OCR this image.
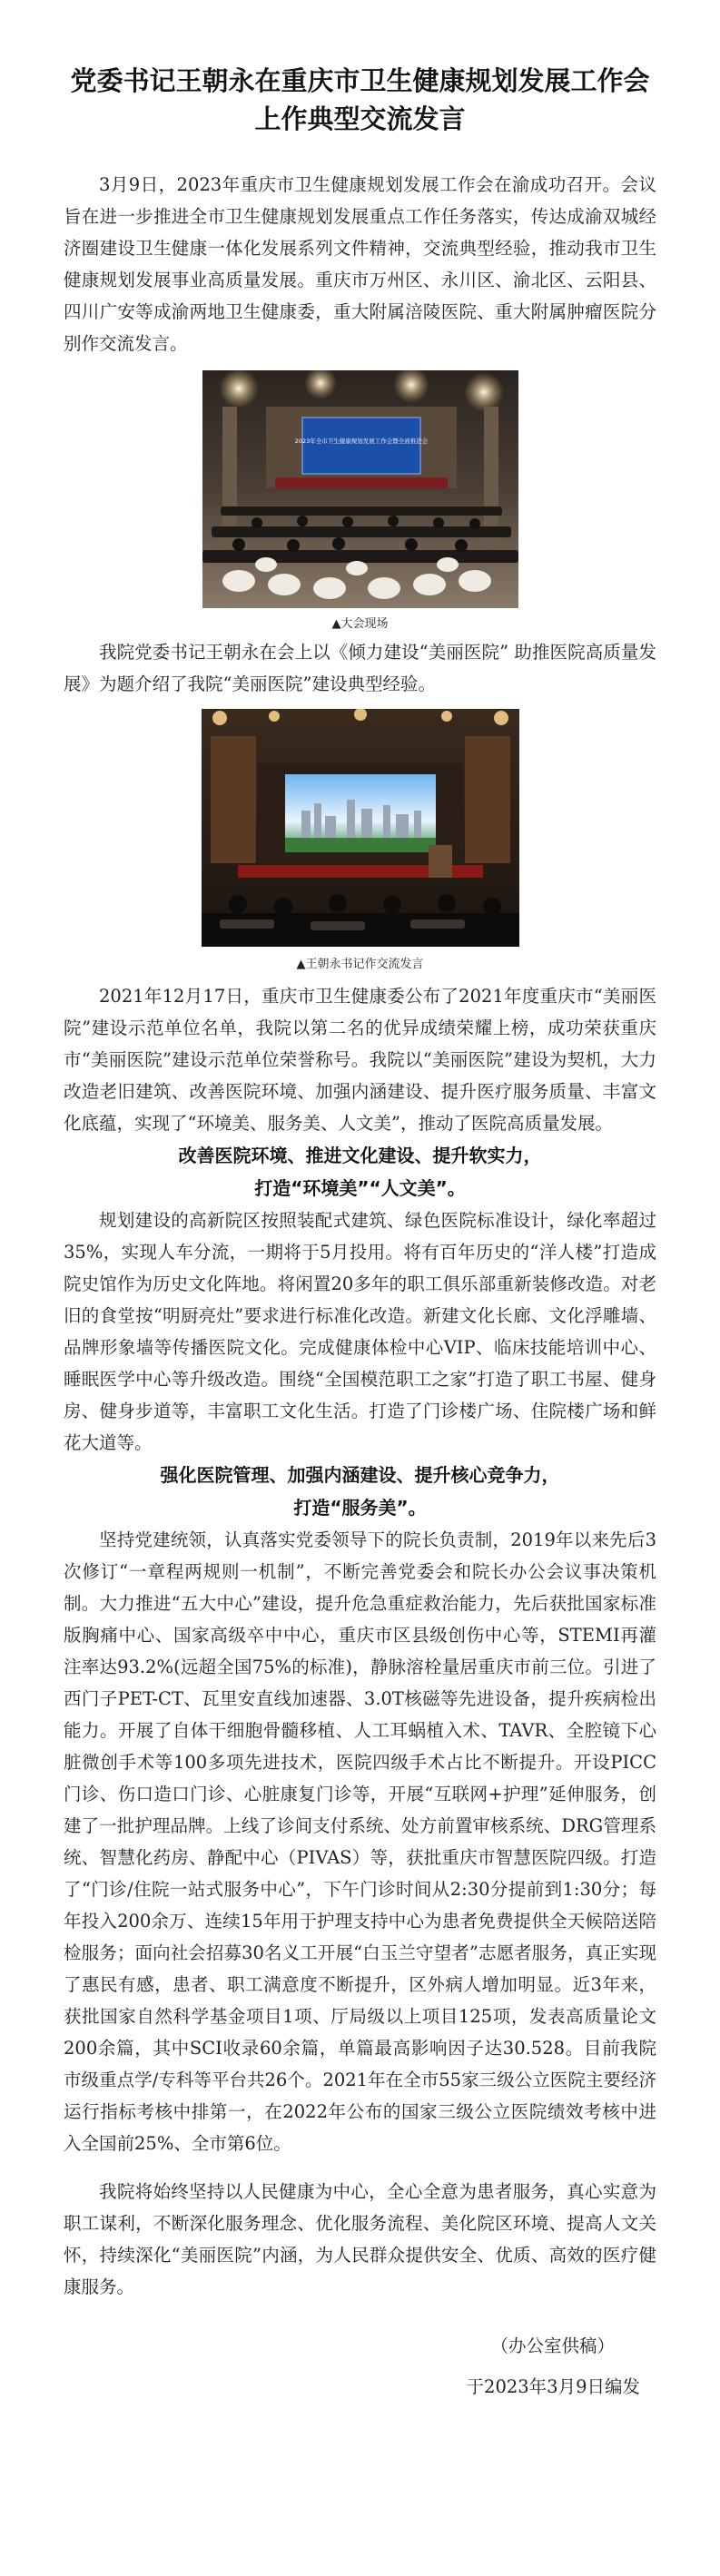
党委书记王朝永在重庆市卫生健康规划发展工作会
上作典型交流发言

3月9日，2023年重庆市卫生健康规划发展工作会在渝成功召开。会议旨在进一步推进全市卫生健康规划发展重点工作任务落实，传达成渝双城经济圈建设卫生健康一体化发展系列文件精神，交流典型经验，推动我市卫生健康规划发展事业高质量发展。重庆市万州区、永川区、渝北区、云阳县、四川广安等成渝两地卫生健康委，重大附属涪陵医院、重大附属肿瘤医院分别作交流发言。

2023年全市卫生健康规划发展工作会暨全面推进会

▲大会现场

我院党委书记王朝永在会上以《倾力建设“美丽医院” 助推医院高质量发展》为题介绍了我院“美丽医院”建设典型经验。

▲王朝永书记作交流发言

2021年12月17日，重庆市卫生健康委公布了2021年度重庆市“美丽医院”建设示范单位名单，我院以第二名的优异成绩荣耀上榜，成功荣获重庆市“美丽医院”建设示范单位荣誉称号。我院以“美丽医院”建设为契机，大力改造老旧建筑、改善医院环境、加强内涵建设、提升医疗服务质量、丰富文化底蕴，实现了“环境美、服务美、人文美”，推动了医院高质量发展。

改善医院环境、推进文化建设、提升软实力，
打造“环境美”“人文美”。

规划建设的高新院区按照装配式建筑、绿色医院标准设计，绿化率超过35%，实现人车分流，一期将于5月投用。将有百年历史的“洋人楼”打造成院史馆作为历史文化阵地。将闲置20多年的职工俱乐部重新装修改造。对老旧的食堂按“明厨亮灶”要求进行标准化改造。新建文化长廊、文化浮雕墙、品牌形象墙等传播医院文化。完成健康体检中心VIP、临床技能培训中心、睡眠医学中心等升级改造。围绕“全国模范职工之家”打造了职工书屋、健身房、健身步道等，丰富职工文化生活。打造了门诊楼广场、住院楼广场和鲜花大道等。

强化医院管理、加强内涵建设、提升核心竞争力，
打造“服务美”。

坚持党建统领，认真落实党委领导下的院长负责制，2019年以来先后3次修订“一章程两规则一机制”，不断完善党委会和院长办公会议事决策机制。大力推进“五大中心”建设，提升危急重症救治能力，先后获批国家标准版胸痛中心、国家高级卒中中心，重庆市区县级创伤中心等，STEMI再灌注率达93.2%(远超全国75%的标准)，静脉溶栓量居重庆市前三位。引进了西门子PET-CT、瓦里安直线加速器、3.0T核磁等先进设备，提升疾病检出能力。开展了自体干细胞骨髓移植、人工耳蜗植入术、TAVR、全腔镜下心脏微创手术等100多项先进技术，医院四级手术占比不断提升。开设PICC门诊、伤口造口门诊、心脏康复门诊等，开展“互联网+护理”延伸服务，创建了一批护理品牌。上线了诊间支付系统、处方前置审核系统、DRG管理系统、智慧化药房、静配中心（PIVAS）等，获批重庆市智慧医院四级。打造了“门诊/住院一站式服务中心”，下午门诊时间从2:30分提前到1:30分；每年投入200余万、连续15年用于护理支持中心为患者免费提供全天候陪送陪检服务；面向社会招募30名义工开展“白玉兰守望者”志愿者服务，真正实现了惠民有感，患者、职工满意度不断提升，区外病人增加明显。近3年来，获批国家自然科学基金项目1项、厅局级以上项目125项，发表高质量论文200余篇，其中SCI收录60余篇，单篇最高影响因子达30.528。目前我院市级重点学/专科等平台共26个。2021年在全市55家三级公立医院主要经济运行指标考核中排第一，在2022年公布的国家三级公立医院绩效考核中进入全国前25%、全市第6位。

我院将始终坚持以人民健康为中心，全心全意为患者服务，真心实意为职工谋利，不断深化服务理念、优化服务流程、美化院区环境、提高人文关怀，持续深化“美丽医院”内涵，为人民群众提供安全、优质、高效的医疗健康服务。

（办公室供稿）

于2023年3月9日编发
